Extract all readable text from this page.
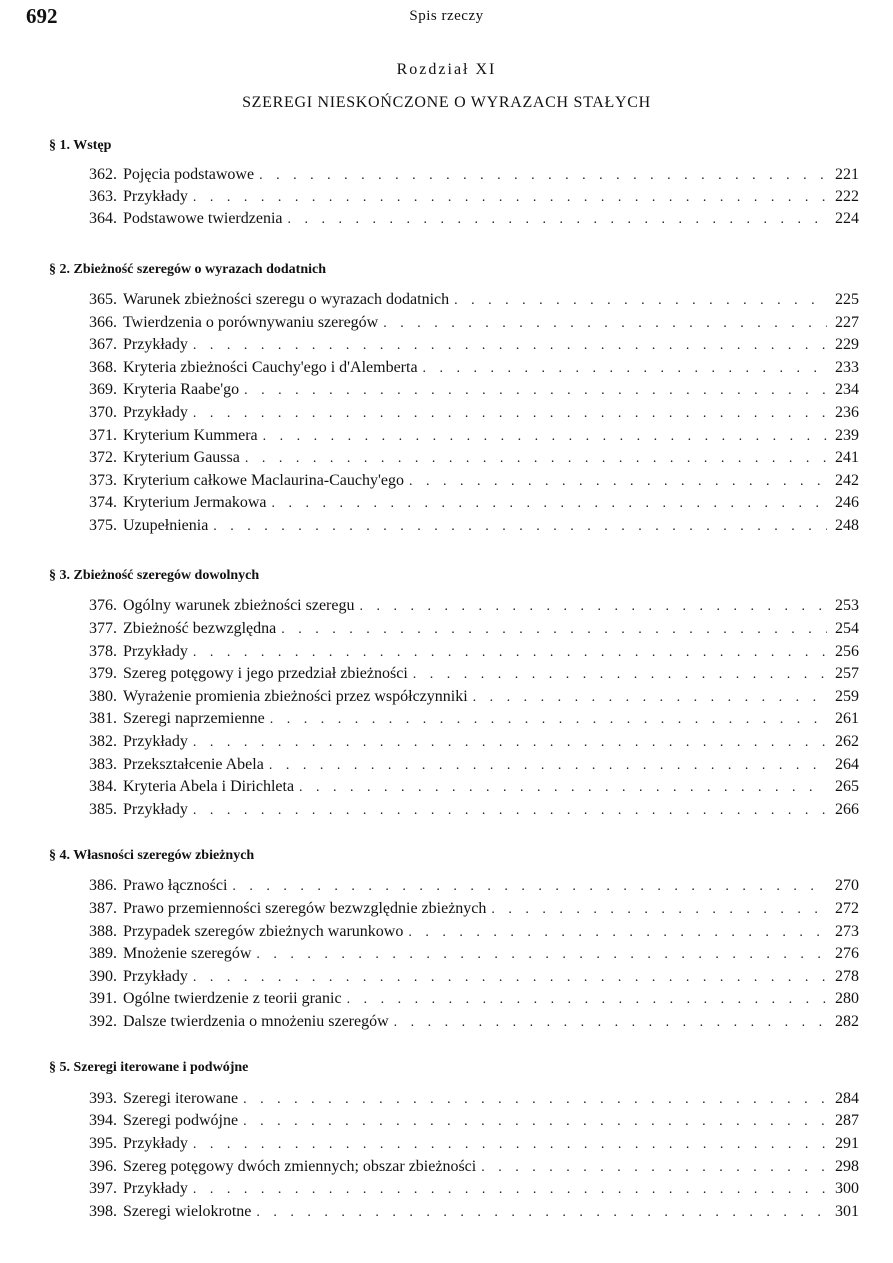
692	Spis rzeczy
Rozdział XI
SZEREGI NIESKOŃCZONE O WYRAZACH STAŁYCH
§ 1. Wstęp
362. Pojęcia podstawowe . . .	221
363. Przykłady . . .	222
364. Podstawowe twierdzenia . . .	224
§ 2. Zbieżność szeregów o wyrazach dodatnich
365. Warunek zbieżności szeregu o wyrazach dodatnich . . .	225
366. Twierdzenia o porównywaniu szeregów . . .	227
367. Przykłady . . .	229
368. Kryteria zbieżności Cauchy'ego i d'Alemberta . . .	233
369. Kryteria Raabe'go . . .	234
370. Przykłady . . .	236
371. Kryterium Kummera . . .	239
372. Kryterium Gaussa . . .	241
373. Kryterium całkowe Maclaurina-Cauchy'ego . . .	242
374. Kryterium Jermakowa . . .	246
375. Uzupełnienia . . .	248
§ 3. Zbieżność szeregów dowolnych
376. Ogólny warunek zbieżności szeregu . . .	253
377. Zbieżność bezwzględna . . .	254
378. Przykłady . . .	256
379. Szereg potęgowy i jego przedział zbieżności . . .	257
380. Wyrażenie promienia zbieżności przez współczynniki . . .	259
381. Szeregi naprzemienne . . .	261
382. Przykłady . . .	262
383. Przekształcenie Abela . . .	264
384. Kryteria Abela i Dirichleta . . .	265
385. Przykłady . . .	266
§ 4. Własności szeregów zbieżnych
386. Prawo łączności . . .	270
387. Prawo przemienności szeregów bezwzględnie zbieżnych . . .	272
388. Przypadek szeregów zbieżnych warunkowo . . .	273
389. Mnożenie szeregów . . .	276
390. Przykłady . . .	278
391. Ogólne twierdzenie z teorii granic . . .	280
392. Dalsze twierdzenia o mnożeniu szeregów . . .	282
§ 5. Szeregi iterowane i podwójne
393. Szeregi iterowane . . .	284
394. Szeregi podwójne . . .	287
395. Przykłady . . .	291
396. Szereg potęgowy dwóch zmiennych; obszar zbieżności . . .	298
397. Przykłady . . .	300
398. Szeregi wielokrotne . . .	301
